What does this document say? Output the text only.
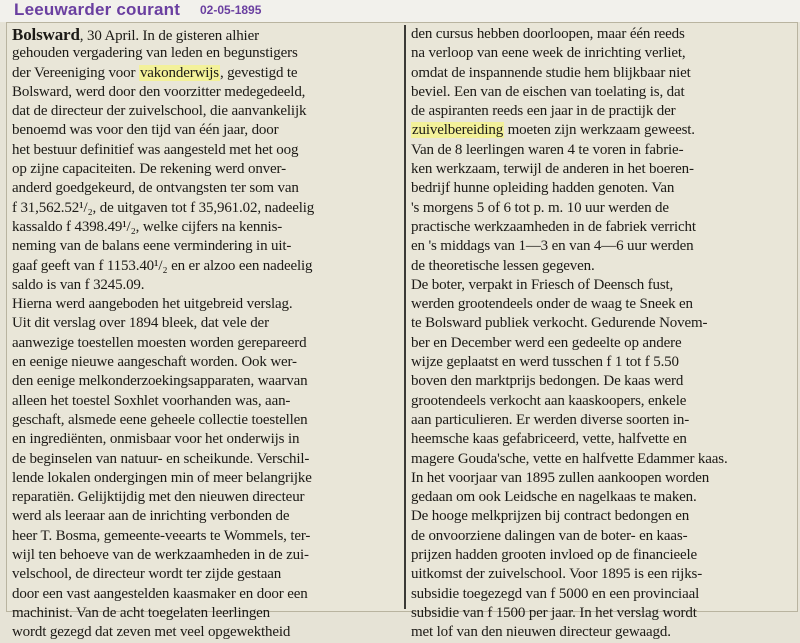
Leeuwarder courant 02-05-1895
Bolsward, 30 April. In de gisteren alhier
gehouden vergadering van leden en begunstigers
der Vereeniging voor vakonderwijs, gevestigd te
Bolsward, werd door den voorzitter medegedeeld,
dat de directeur der zuivelschool, die aanvankelijk
benoemd was voor den tijd van één jaar, door
het bestuur definitief was aangesteld met het oog
op zijne capaciteiten. De rekening werd onver-
anderd goedgekeurd, de ontvangsten ter som van
f 31,562.52¹/₂, de uitgaven tot f 35,961.02, nadeelig
kassaldo f 4398.49¹/₂, welke cijfers na kennis-
neming van de balans eene vermindering in uit-
gaaf geeft van f 1153.40¹/₂ en er alzoo een nadeelig
saldo is van f 3245.09.
Hierna werd aangeboden het uitgebreid verslag.
Uit dit verslag over 1894 bleek, dat vele der
aanwezige toestellen moesten worden gerepareerd
en eenige nieuwe aangeschaft worden. Ook wer-
den eenige melkonderzoekingsapparaten, waarvan
alleen het toestel Soxhlet voorhanden was, aan-
geschaft, alsmede eene geheele collectie toestellen
en ingrediënten, onmisbaar voor het onderwijs in
de beginselen van natuur- en scheikunde. Verschil-
lende lokalen ondergingen min of meer belangrijke
reparatiën. Gelijktijdig met den nieuwen directeur
werd als leeraar aan de inrichting verbonden de
heer T. Bosma, gemeente-veearts te Wommels, ter-
wijl ten behoeve van de werkzaamheden in de zui-
velschool, de directeur wordt ter zijde gestaan
door een vast aangestelden kaasmaker en door een
machinist. Van de acht toegelaten leerlingen
wordt gezegd dat zeven met veel opgewektheid
den cursus hebben doorloopen, maar één reeds
na verloop van eene week de inrichting verliet,
omdat de inspannende studie hem blijkbaar niet
beviel. Een van de eischen van toelating is, dat
de aspiranten reeds een jaar in de practijk der
zuivelbereiding moeten zijn werkzaam geweest.
Van de 8 leerlingen waren 4 te voren in fabrie-
ken werkzaam, terwijl de anderen in het boeren-
bedrijf hunne opleiding hadden genoten. Van
's morgens 5 of 6 tot p. m. 10 uur werden de
practische werkzaamheden in de fabriek verricht
en 's middags van 1—3 en van 4—6 uur werden
de theoretische lessen gegeven.
De boter, verpakt in Friesch of Deensch fust,
werden grootendeels onder de waag te Sneek en
te Bolsward publiek verkocht. Gedurende Novem-
ber en December werd een gedeelte op andere
wijze geplaatst en werd tusschen f 1 tot f 5.50
boven den marktprijs bedongen. De kaas werd
grootendeels verkocht aan kaaskoopers, enkele
aan particulieren. Er werden diverse soorten in-
heemsche kaas gefabriceerd, vette, halfvette en
magere Gouda'sche, vette en halfvette Edammer kaas.
In het voorjaar van 1895 zullen aankoopen worden
gedaan om ook Leidsche en nagelkaas te maken.
De hooge melkprijzen bij contract bedongen en
de onvoorziene dalingen van de boter- en kaas-
prijzen hadden grooten invloed op de financieele
uitkomst der zuivelschool. Voor 1895 is een rijks-
subsidie toegezegd van f 5000 en een provinciaal
subsidie van f 1500 per jaar. In het verslag wordt
met lof van den nieuwen directeur gewaagd.
